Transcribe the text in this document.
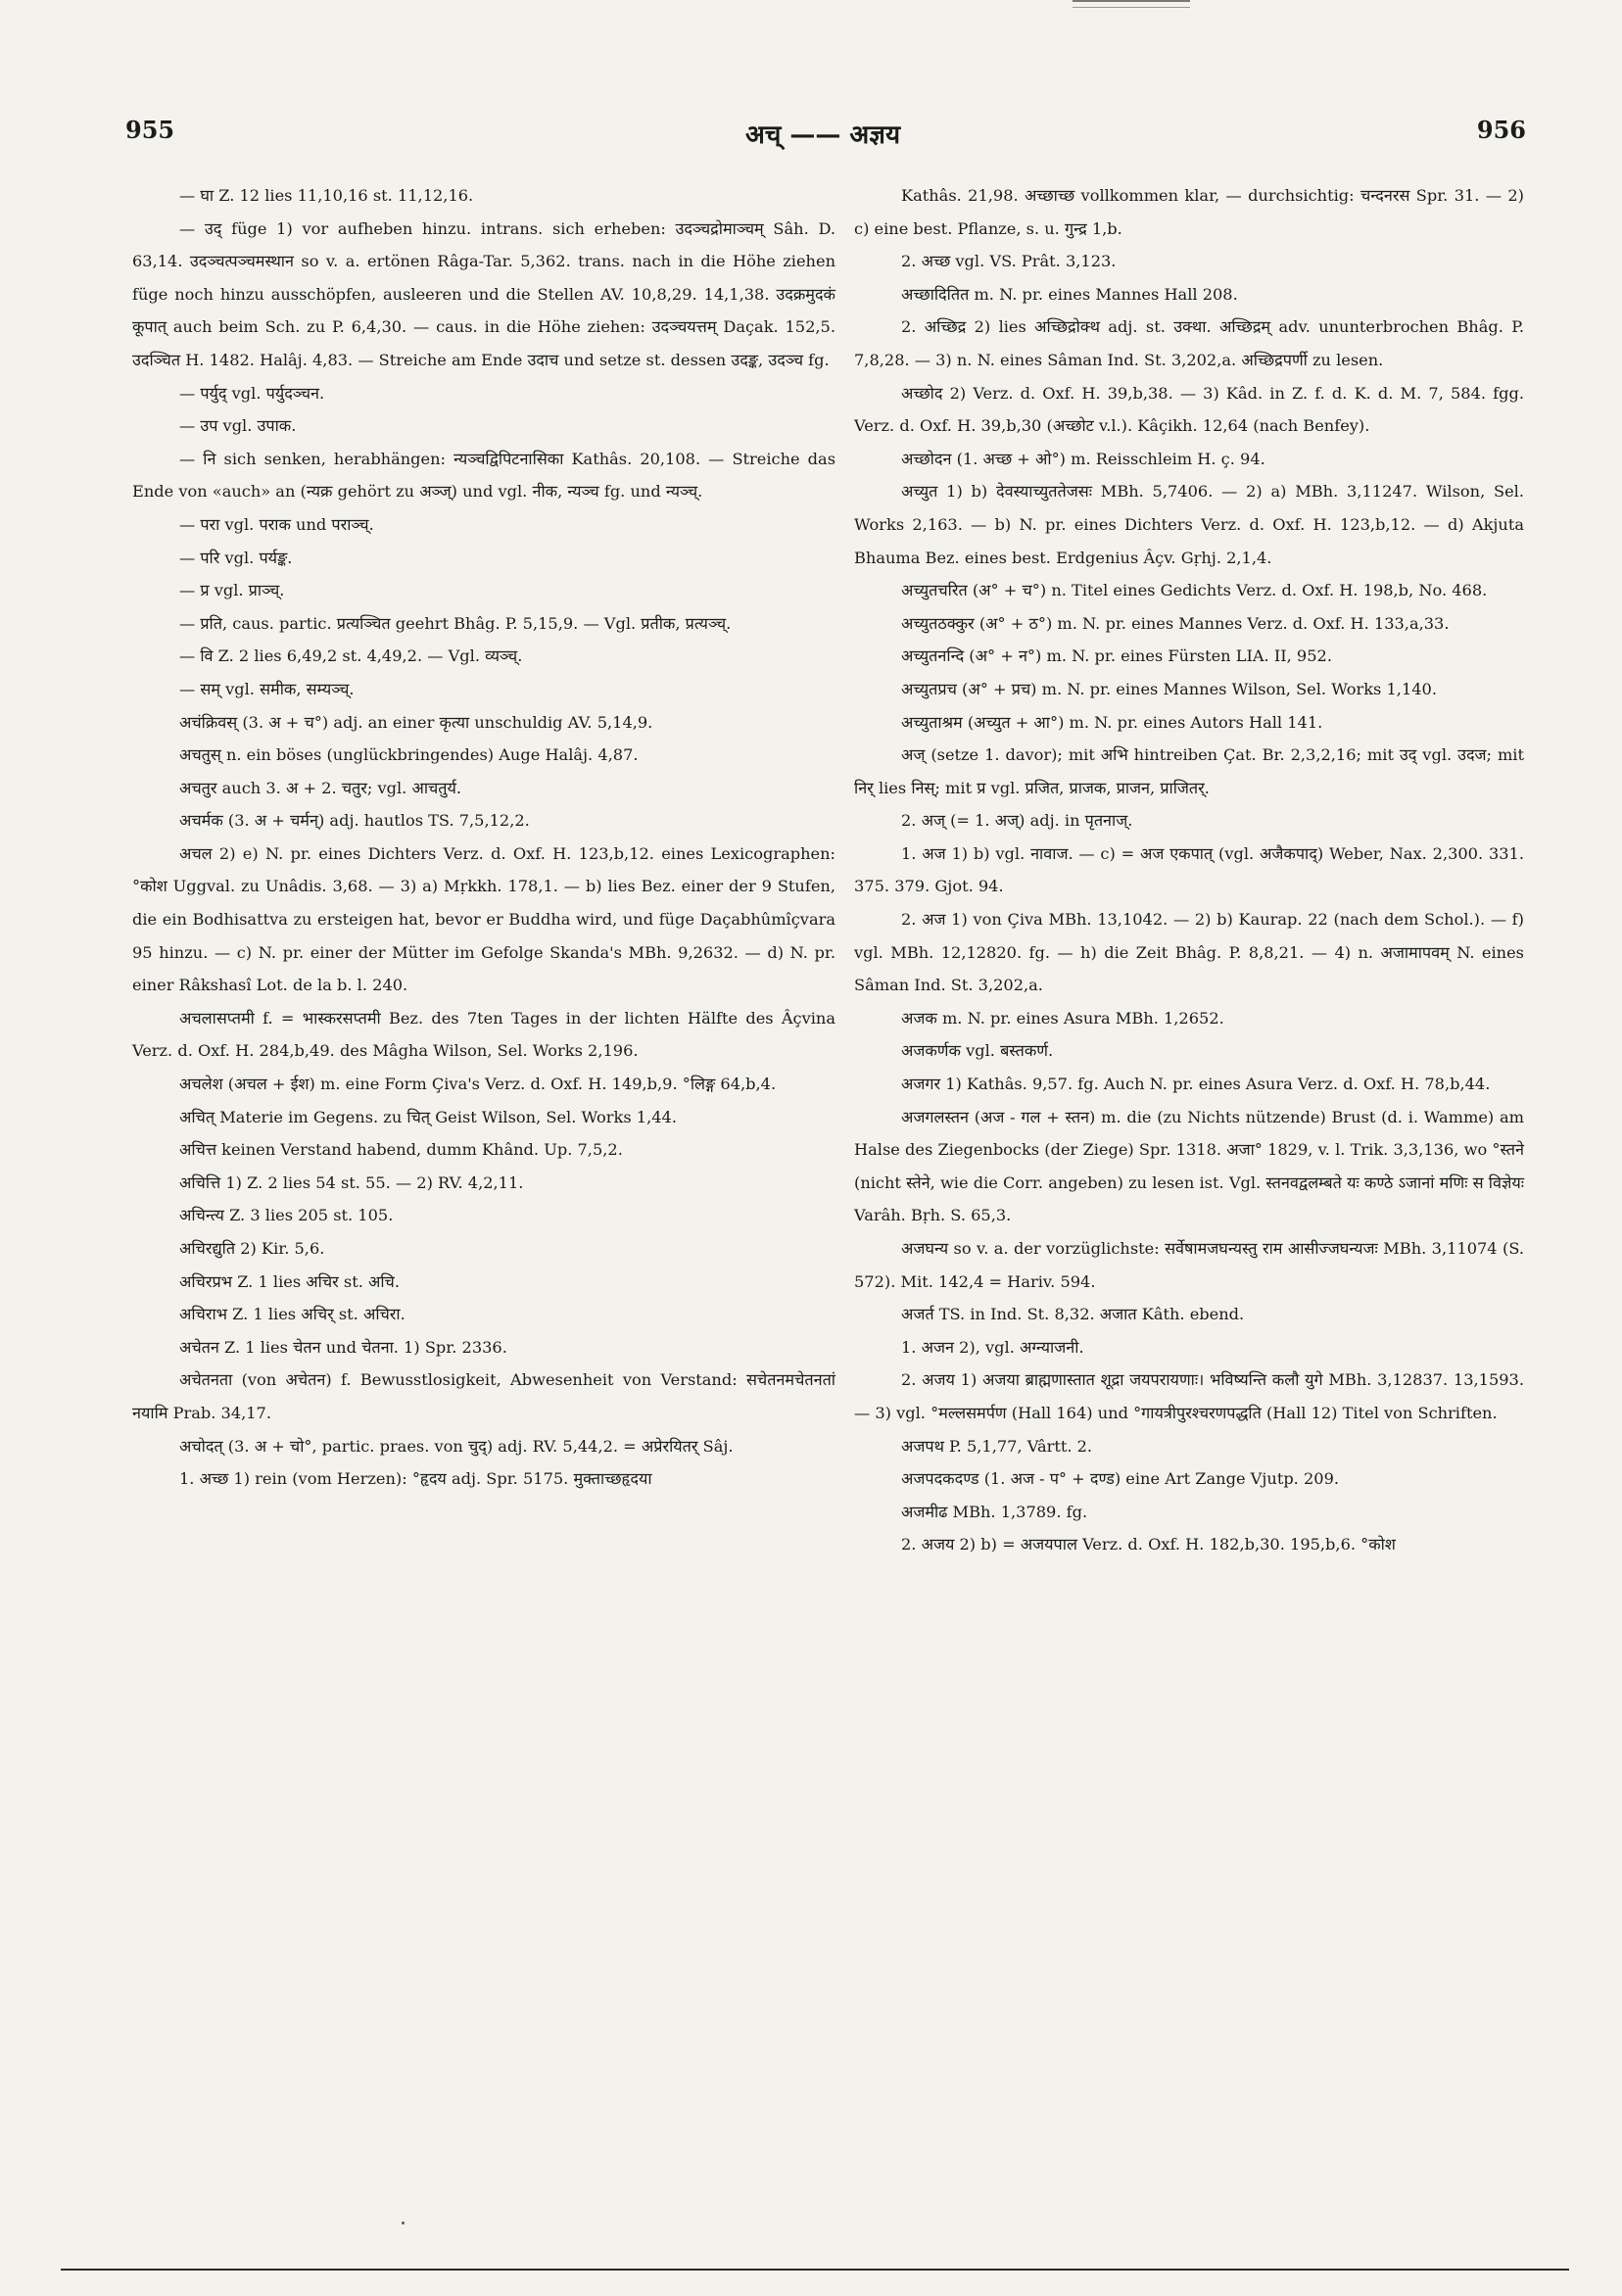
955	अच् —— अज्ञय	956

— घा Z. 12 lies 11,10,16 st. 11,12,16.

— उद् füge 1) vor aufheben hinzu. intrans. sich erheben: उदञ्चद्रोमाञ्चम् Sâh. D. 63,14. उदञ्चत्पञ्चमस्थान so v. a. ertönen Râga-Tar. 5,362. trans. nach in die Höhe ziehen füge noch hinzu ausschöpfen, ausleeren und die Stellen AV. 10,8,29. 14,1,38. उदक्रमुदकं कूपात् auch beim Sch. zu P. 6,4,30. — caus. in die Höhe ziehen: उदञ्चयत्तम् Daçak. 152,5. उदञ्चित H. 1482. Halâj. 4,83. — Streiche am Ende उदाच und setze st. dessen उदङ्क, उदञ्च fg.

— पर्युद् vgl. पर्युदञ्चन.

— उप vgl. उपाक.

— नि sich senken, herabhängen: न्यञ्चद्विपिटनासिका Kathâs. 20,108. — Streiche das Ende von «auch» an (न्यक्र gehört zu अञ्ज्) und vgl. नीक, न्यञ्च fg. und न्यञ्च्.

— परा vgl. पराक und पराञ्च्.

— परि vgl. पर्यङ्क.

— प्र vgl. प्राञ्च्.

— प्रति, caus. partic. प्रत्यञ्चित geehrt Bhâg. P. 5,15,9. — Vgl. प्रतीक, प्रत्यञ्च्.

— वि Z. 2 lies 6,49,2 st. 4,49,2. — Vgl. व्यञ्च्.

— सम् vgl. समीक, सम्यञ्च्.

अचंक्रिवस् (3. अ + च°) adj. an einer कृत्या unschuldig AV. 5,14,9.

अचतुस् n. ein böses (unglückbringendes) Auge Halâj. 4,87.

अचतुर auch 3. अ + 2. चतुर; vgl. आचतुर्य.

अचर्मक (3. अ + चर्मन्) adj. hautlos TS. 7,5,12,2.

अचल 2) e) N. pr. eines Dichters Verz. d. Oxf. H. 123,b,12. eines Lexicographen: °कोश Uggval. zu Unâdis. 3,68. — 3) a) Mṛkkh. 178,1. — b) lies Bez. einer der 9 Stufen, die ein Bodhisattva zu ersteigen hat, bevor er Buddha wird, und füge Daçabhûmîçvara 95 hinzu. — c) N. pr. einer der Mütter im Gefolge Skanda's MBh. 9,2632. — d) N. pr. einer Râkshasî Lot. de la b. l. 240.

अचलासप्तमी f. = भास्करसप्तमी Bez. des 7ten Tages in der lichten Hälfte des Âçvina Verz. d. Oxf. H. 284,b,49. des Mâgha Wilson, Sel. Works 2,196.

अचलेश (अचल + ईश) m. eine Form Çiva's Verz. d. Oxf. H. 149,b,9. °लिङ्ग 64,b,4.

अचित् Materie im Gegens. zu चित् Geist Wilson, Sel. Works 1,44.

अचित्त keinen Verstand habend, dumm Khând. Up. 7,5,2.

अचित्ति 1) Z. 2 lies 54 st. 55. — 2) RV. 4,2,11.

अचिन्त्य Z. 3 lies 205 st. 105.

अचिरद्युति 2) Kir. 5,6.

अचिरप्रभ Z. 1 lies अचिर st. अचि.

अचिराभ Z. 1 lies अचिर् st. अचिरा.

अचेतन Z. 1 lies चेतन und चेतना. 1) Spr. 2336.

अचेतनता (von अचेतन) f. Bewusstlosigkeit, Abwesenheit von Verstand: सचेतनमचेतनतां नयामि Prab. 34,17.

अचोदत् (3. अ + चो°, partic. praes. von चुद्) adj. RV. 5,44,2. = अप्रेरयितर् Sâj.

1. अच्छ 1) rein (vom Herzen): °हृदय adj. Spr. 5175. मुक्ताच्छहृदया

Kathâs. 21,98. अच्छाच्छ vollkommen klar, — durchsichtig: चन्दनरस Spr. 31. — 2) c) eine best. Pflanze, s. u. गुन्द्र 1,b.

2. अच्छ vgl. VS. Prât. 3,123.

अच्छादितित m. N. pr. eines Mannes Hall 208.

2. अच्छिद्र 2) lies अच्छिद्रोक्थ adj. st. उक्था. अच्छिद्रम् adv. ununterbrochen Bhâg. P. 7,8,28. — 3) n. N. eines Sâman Ind. St. 3,202,a. अच्छिद्रपर्णी zu lesen.

अच्छोद 2) Verz. d. Oxf. H. 39,b,38. — 3) Kâd. in Z. f. d. K. d. M. 7, 584. fgg. Verz. d. Oxf. H. 39,b,30 (अच्छोट v.l.). Kâçikh. 12,64 (nach Benfey).

अच्छोदन (1. अच्छ + ओ°) m. Reisschleim H. ç. 94.

अच्युत 1) b) देवस्याच्युततेजसः MBh. 5,7406. — 2) a) MBh. 3,11247. Wilson, Sel. Works 2,163. — b) N. pr. eines Dichters Verz. d. Oxf. H. 123,b,12. — d) Akjuta Bhauma Bez. eines best. Erdgenius Âçv. Gṛhj. 2,1,4.

अच्युतचरित (अ° + च°) n. Titel eines Gedichts Verz. d. Oxf. H. 198,b, No. 468.

अच्युतठक्कुर (अ° + ठ°) m. N. pr. eines Mannes Verz. d. Oxf. H. 133,a,33.

अच्युतनन्दि (अ° + न°) m. N. pr. eines Fürsten LIA. II, 952.

अच्युतप्रच (अ° + प्रच) m. N. pr. eines Mannes Wilson, Sel. Works 1,140.

अच्युताश्रम (अच्युत + आ°) m. N. pr. eines Autors Hall 141.

अज् (setze 1. davor); mit अभि hintreiben Çat. Br. 2,3,2,16; mit उद् vgl. उदज; mit निर् lies निस्; mit प्र vgl. प्रजित, प्राजक, प्राजन, प्राजितर्.

2. अज् (= 1. अज्) adj. in पृतनाज्.

1. अज 1) b) vgl. नावाज. — c) = अज एकपात् (vgl. अजैकपाद्) Weber, Nax. 2,300. 331. 375. 379. Gjot. 94.

2. अज 1) von Çiva MBh. 13,1042. — 2) b) Kaurap. 22 (nach dem Schol.). — f) vgl. MBh. 12,12820. fg. — h) die Zeit Bhâg. P. 8,8,21. — 4) n. अजामापवम् N. eines Sâman Ind. St. 3,202,a.

अजक m. N. pr. eines Asura MBh. 1,2652.

अजकर्णक vgl. बस्तकर्ण.

अजगर 1) Kathâs. 9,57. fg. Auch N. pr. eines Asura Verz. d. Oxf. H. 78,b,44.

अजगलस्तन (अज - गल + स्तन) m. die (zu Nichts nützende) Brust (d. i. Wamme) am Halse des Ziegenbocks (der Ziege) Spr. 1318. अजा° 1829, v. l. Trik. 3,3,136, wo °स्तने (nicht स्तेने, wie die Corr. angeben) zu lesen ist. Vgl. स्तनवद्वलम्बते यः कण्ठे ऽजानां मणिः स विज्ञेयः Varâh. Bṛh. S. 65,3.

अजघन्य so v. a. der vorzüglichste: सर्वेषामजघन्यस्तु राम आसीज्जघन्यजः MBh. 3,11074 (S. 572). Mit. 142,4 = Hariv. 594.

अजर्त TS. in Ind. St. 8,32. अजात Kâth. ebend.

1. अजन 2), vgl. अग्न्याजनी.

2. अजय 1) अजया ब्राह्मणास्तात शूद्रा जयपरायणाः। भविष्यन्ति कलौ युगे MBh. 3,12837. 13,1593. — 3) vgl. °मल्लसमर्पण (Hall 164) und °गायत्रीपुरश्चरणपद्धति (Hall 12) Titel von Schriften.

अजपथ P. 5,1,77, Vârtt. 2.

अजपदकदण्ड (1. अज - प° + दण्ड) eine Art Zange Vjutp. 209.

अजमीढ MBh. 1,3789. fg.

2. अजय 2) b) = अजयपाल Verz. d. Oxf. H. 182,b,30. 195,b,6. °कोश
